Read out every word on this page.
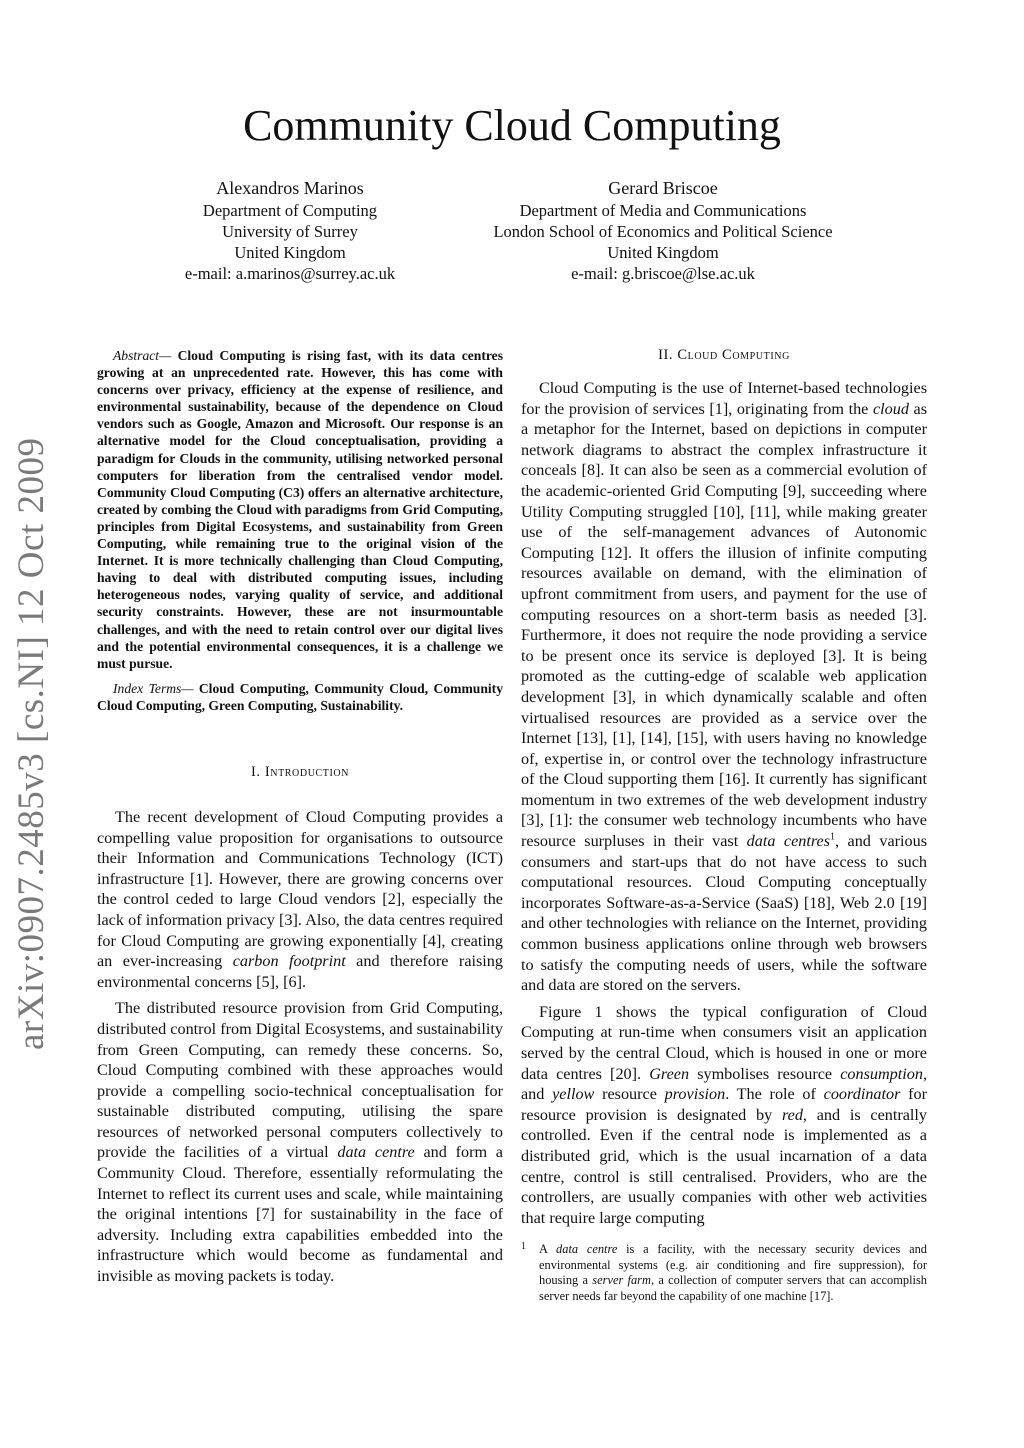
arXiv:0907.2485v3 [cs.NI] 12 Oct 2009
Community Cloud Computing
Alexandros Marinos
Department of Computing
University of Surrey
United Kingdom
e-mail: a.marinos@surrey.ac.uk
Gerard Briscoe
Department of Media and Communications
London School of Economics and Political Science
United Kingdom
e-mail: g.briscoe@lse.ac.uk

Abstract— Cloud Computing is rising fast, with its data centres growing at an unprecedented rate. However, this has come with concerns over privacy, efficiency at the expense of resilience, and environmental sustainability, because of the dependence on Cloud vendors such as Google, Amazon and Microsoft. Our response is an alternative model for the Cloud conceptualisation, providing a paradigm for Clouds in the community, utilising networked personal computers for liberation from the centralised vendor model. Community Cloud Computing (C3) offers an alternative architecture, created by combing the Cloud with paradigms from Grid Computing, principles from Digital Ecosystems, and sustainability from Green Computing, while remaining true to the original vision of the Internet. It is more technically challenging than Cloud Computing, having to deal with distributed computing issues, including heterogeneous nodes, varying quality of service, and additional security constraints. However, these are not insurmountable challenges, and with the need to retain control over our digital lives and the potential environmental consequences, it is a challenge we must pursue.

Index Terms— Cloud Computing, Community Cloud, Community Cloud Computing, Green Computing, Sustainability.

I. Introduction

The recent development of Cloud Computing provides a compelling value proposition for organisations to outsource their Information and Communications Technology (ICT) infrastructure [1]. However, there are growing concerns over the control ceded to large Cloud vendors [2], especially the lack of information privacy [3]. Also, the data centres required for Cloud Computing are growing exponentially [4], creating an ever-increasing carbon footprint and therefore raising environmental concerns [5], [6].

The distributed resource provision from Grid Computing, distributed control from Digital Ecosystems, and sustainability from Green Computing, can remedy these concerns. So, Cloud Computing combined with these approaches would provide a compelling socio-technical conceptualisation for sustainable distributed computing, utilising the spare resources of networked personal computers collectively to provide the facilities of a virtual data centre and form a Community Cloud. Therefore, essentially reformulating the Internet to reflect its current uses and scale, while maintaining the original intentions [7] for sustainability in the face of adversity. Including extra capabilities embedded into the infrastructure which would become as fundamental and invisible as moving packets is today.

II. Cloud Computing

Cloud Computing is the use of Internet-based technologies for the provision of services [1], originating from the cloud as a metaphor for the Internet, based on depictions in computer network diagrams to abstract the complex infrastructure it conceals [8]. It can also be seen as a commercial evolution of the academic-oriented Grid Computing [9], succeeding where Utility Computing struggled [10], [11], while making greater use of the self-management advances of Autonomic Computing [12]. It offers the illusion of infinite computing resources available on demand, with the elimination of upfront commitment from users, and payment for the use of computing resources on a short-term basis as needed [3]. Furthermore, it does not require the node providing a service to be present once its service is deployed [3]. It is being promoted as the cutting-edge of scalable web application development [3], in which dynamically scalable and often virtualised resources are provided as a service over the Internet [13], [1], [14], [15], with users having no knowledge of, expertise in, or control over the technology infrastructure of the Cloud supporting them [16]. It currently has significant momentum in two extremes of the web development industry [3], [1]: the consumer web technology incumbents who have resource surpluses in their vast data centres$^1$, and various consumers and start-ups that do not have access to such computational resources. Cloud Computing conceptually incorporates Software-as-a-Service (SaaS) [18], Web 2.0 [19] and other technologies with reliance on the Internet, providing common business applications online through web browsers to satisfy the computing needs of users, while the software and data are stored on the servers.

Figure 1 shows the typical configuration of Cloud Computing at run-time when consumers visit an application served by the central Cloud, which is housed in one or more data centres [20]. Green symbolises resource consumption, and yellow resource provision. The role of coordinator for resource provision is designated by red, and is centrally controlled. Even if the central node is implemented as a distributed grid, which is the usual incarnation of a data centre, control is still centralised. Providers, who are the controllers, are usually companies with other web activities that require large computing

1 A data centre is a facility, with the necessary security devices and environmental systems (e.g. air conditioning and fire suppression), for housing a server farm, a collection of computer servers that can accomplish server needs far beyond the capability of one machine [17].
